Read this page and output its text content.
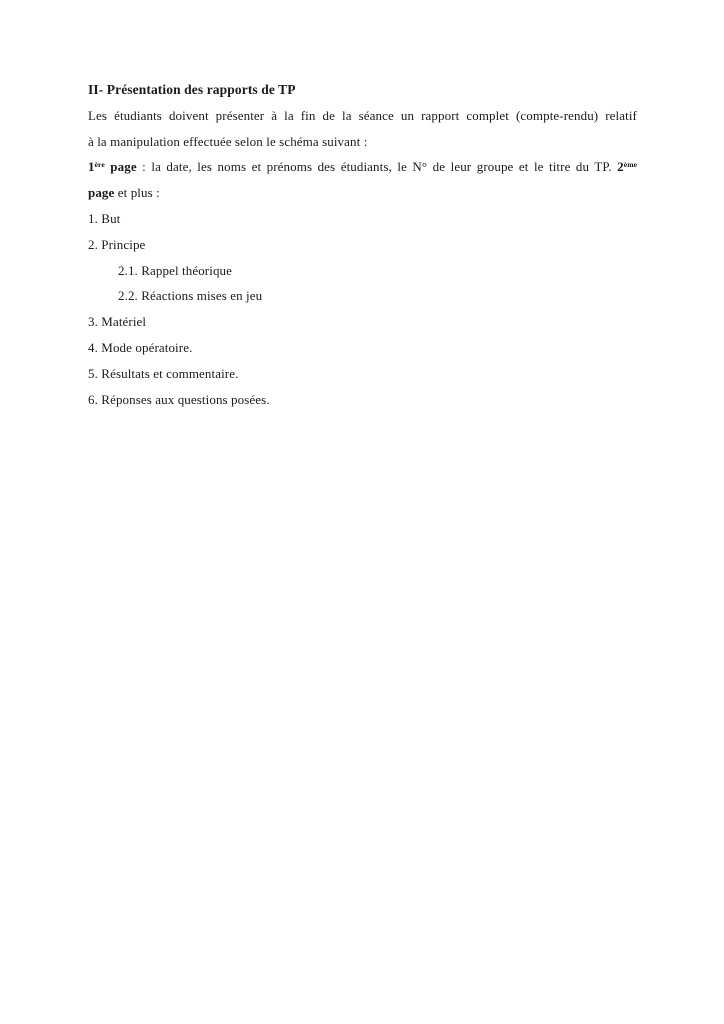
II- Présentation des rapports de TP
Les étudiants doivent présenter à la fin de la séance un rapport complet (compte-rendu) relatif
à la manipulation effectuée selon le schéma suivant :
1ère page : la date, les noms et prénoms des étudiants, le N° de leur groupe et le titre du TP. 2ème
page et plus :
1. But
2. Principe
2.1. Rappel théorique
2.2. Réactions mises en jeu
3. Matériel
4. Mode opératoire.
5. Résultats et commentaire.
6. Réponses aux questions posées.
